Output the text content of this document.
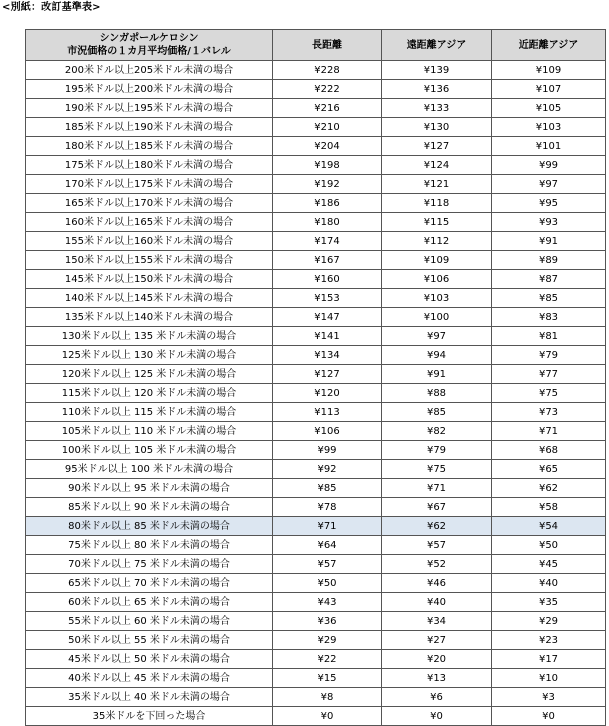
<別紙：改訂基準表>
シンガポールケロシン
市況価格の１カ月平均価格/１バレル	長距離	遠距離アジア	近距離アジア
200米ドル以上205米ドル未満の場合	¥228	¥139	¥109
195米ドル以上200米ドル未満の場合	¥222	¥136	¥107
190米ドル以上195米ドル未満の場合	¥216	¥133	¥105
185米ドル以上190米ドル未満の場合	¥210	¥130	¥103
180米ドル以上185米ドル未満の場合	¥204	¥127	¥101
175米ドル以上180米ドル未満の場合	¥198	¥124	¥99
170米ドル以上175米ドル未満の場合	¥192	¥121	¥97
165米ドル以上170米ドル未満の場合	¥186	¥118	¥95
160米ドル以上165米ドル未満の場合	¥180	¥115	¥93
155米ドル以上160米ドル未満の場合	¥174	¥112	¥91
150米ドル以上155米ドル未満の場合	¥167	¥109	¥89
145米ドル以上150米ドル未満の場合	¥160	¥106	¥87
140米ドル以上145米ドル未満の場合	¥153	¥103	¥85
135米ドル以上140米ドル未満の場合	¥147	¥100	¥83
130米ドル以上 135 米ドル未満の場合	¥141	¥97	¥81
125米ドル以上 130 米ドル未満の場合	¥134	¥94	¥79
120米ドル以上 125 米ドル未満の場合	¥127	¥91	¥77
115米ドル以上 120 米ドル未満の場合	¥120	¥88	¥75
110米ドル以上 115 米ドル未満の場合	¥113	¥85	¥73
105米ドル以上 110 米ドル未満の場合	¥106	¥82	¥71
100米ドル以上 105 米ドル未満の場合	¥99	¥79	¥68
95米ドル以上 100 米ドル未満の場合	¥92	¥75	¥65
90米ドル以上 95 米ドル未満の場合	¥85	¥71	¥62
85米ドル以上 90 米ドル未満の場合	¥78	¥67	¥58
80米ドル以上 85 米ドル未満の場合	¥71	¥62	¥54
75米ドル以上 80 米ドル未満の場合	¥64	¥57	¥50
70米ドル以上 75 米ドル未満の場合	¥57	¥52	¥45
65米ドル以上 70 米ドル未満の場合	¥50	¥46	¥40
60米ドル以上 65 米ドル未満の場合	¥43	¥40	¥35
55米ドル以上 60 米ドル未満の場合	¥36	¥34	¥29
50米ドル以上 55 米ドル未満の場合	¥29	¥27	¥23
45米ドル以上 50 米ドル未満の場合	¥22	¥20	¥17
40米ドル以上 45 米ドル未満の場合	¥15	¥13	¥10
35米ドル以上 40 米ドル未満の場合	¥8	¥6	¥3
35米ドルを下回った場合	¥0	¥0	¥0
